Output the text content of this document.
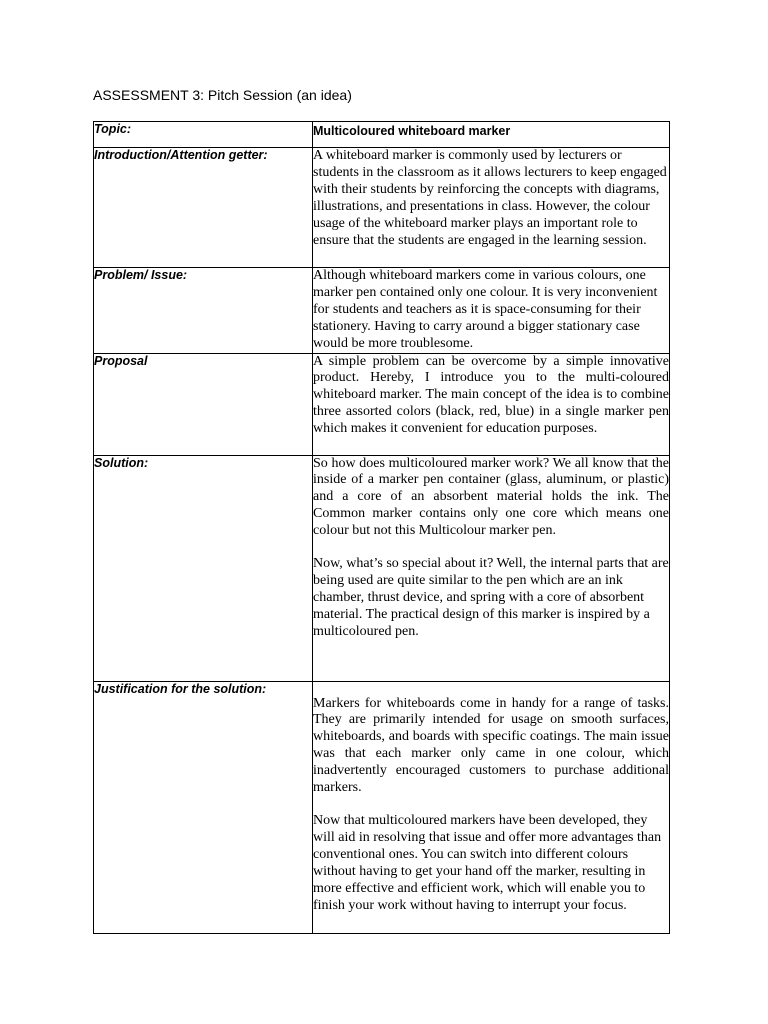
ASSESSMENT 3: Pitch Session (an idea)
Topic:	Multicoloured whiteboard marker

Introduction/Attention getter:	A whiteboard marker is commonly used by lecturers or students in the classroom as it allows lecturers to keep engaged with their students by reinforcing the concepts with diagrams, illustrations, and presentations in class. However, the colour usage of the whiteboard marker plays an important role to ensure that the students are engaged in the learning session.

Problem/ Issue:	Although whiteboard markers come in various colours, one marker pen contained only one colour. It is very inconvenient for students and teachers as it is space-consuming for their stationery. Having to carry around a bigger stationary case would be more troublesome.

Proposal	A simple problem can be overcome by a simple innovative product. Hereby, I introduce you to the multi-coloured whiteboard marker. The main concept of the idea is to combine three assorted colors (black, red, blue) in a single marker pen which makes it convenient for education purposes.

Solution:	So how does multicoloured marker work? We all know that the inside of a marker pen container (glass, aluminum, or plastic) and a core of an absorbent material holds the ink. The Common marker contains only one core which means one colour but not this Multicolour marker pen.
Now, what’s so special about it? Well, the internal parts that are being used are quite similar to the pen which are an ink chamber, thrust device, and spring with a core of absorbent material. The practical design of this marker is inspired by a multicoloured pen.

Justification for the solution:	Markers for whiteboards come in handy for a range of tasks. They are primarily intended for usage on smooth surfaces, whiteboards, and boards with specific coatings. The main issue was that each marker only came in one colour, which inadvertently encouraged customers to purchase additional markers.
Now that multicoloured markers have been developed, they will aid in resolving that issue and offer more advantages than conventional ones. You can switch into different colours without having to get your hand off the marker, resulting in more effective and efficient work, which will enable you to finish your work without having to interrupt your focus.
